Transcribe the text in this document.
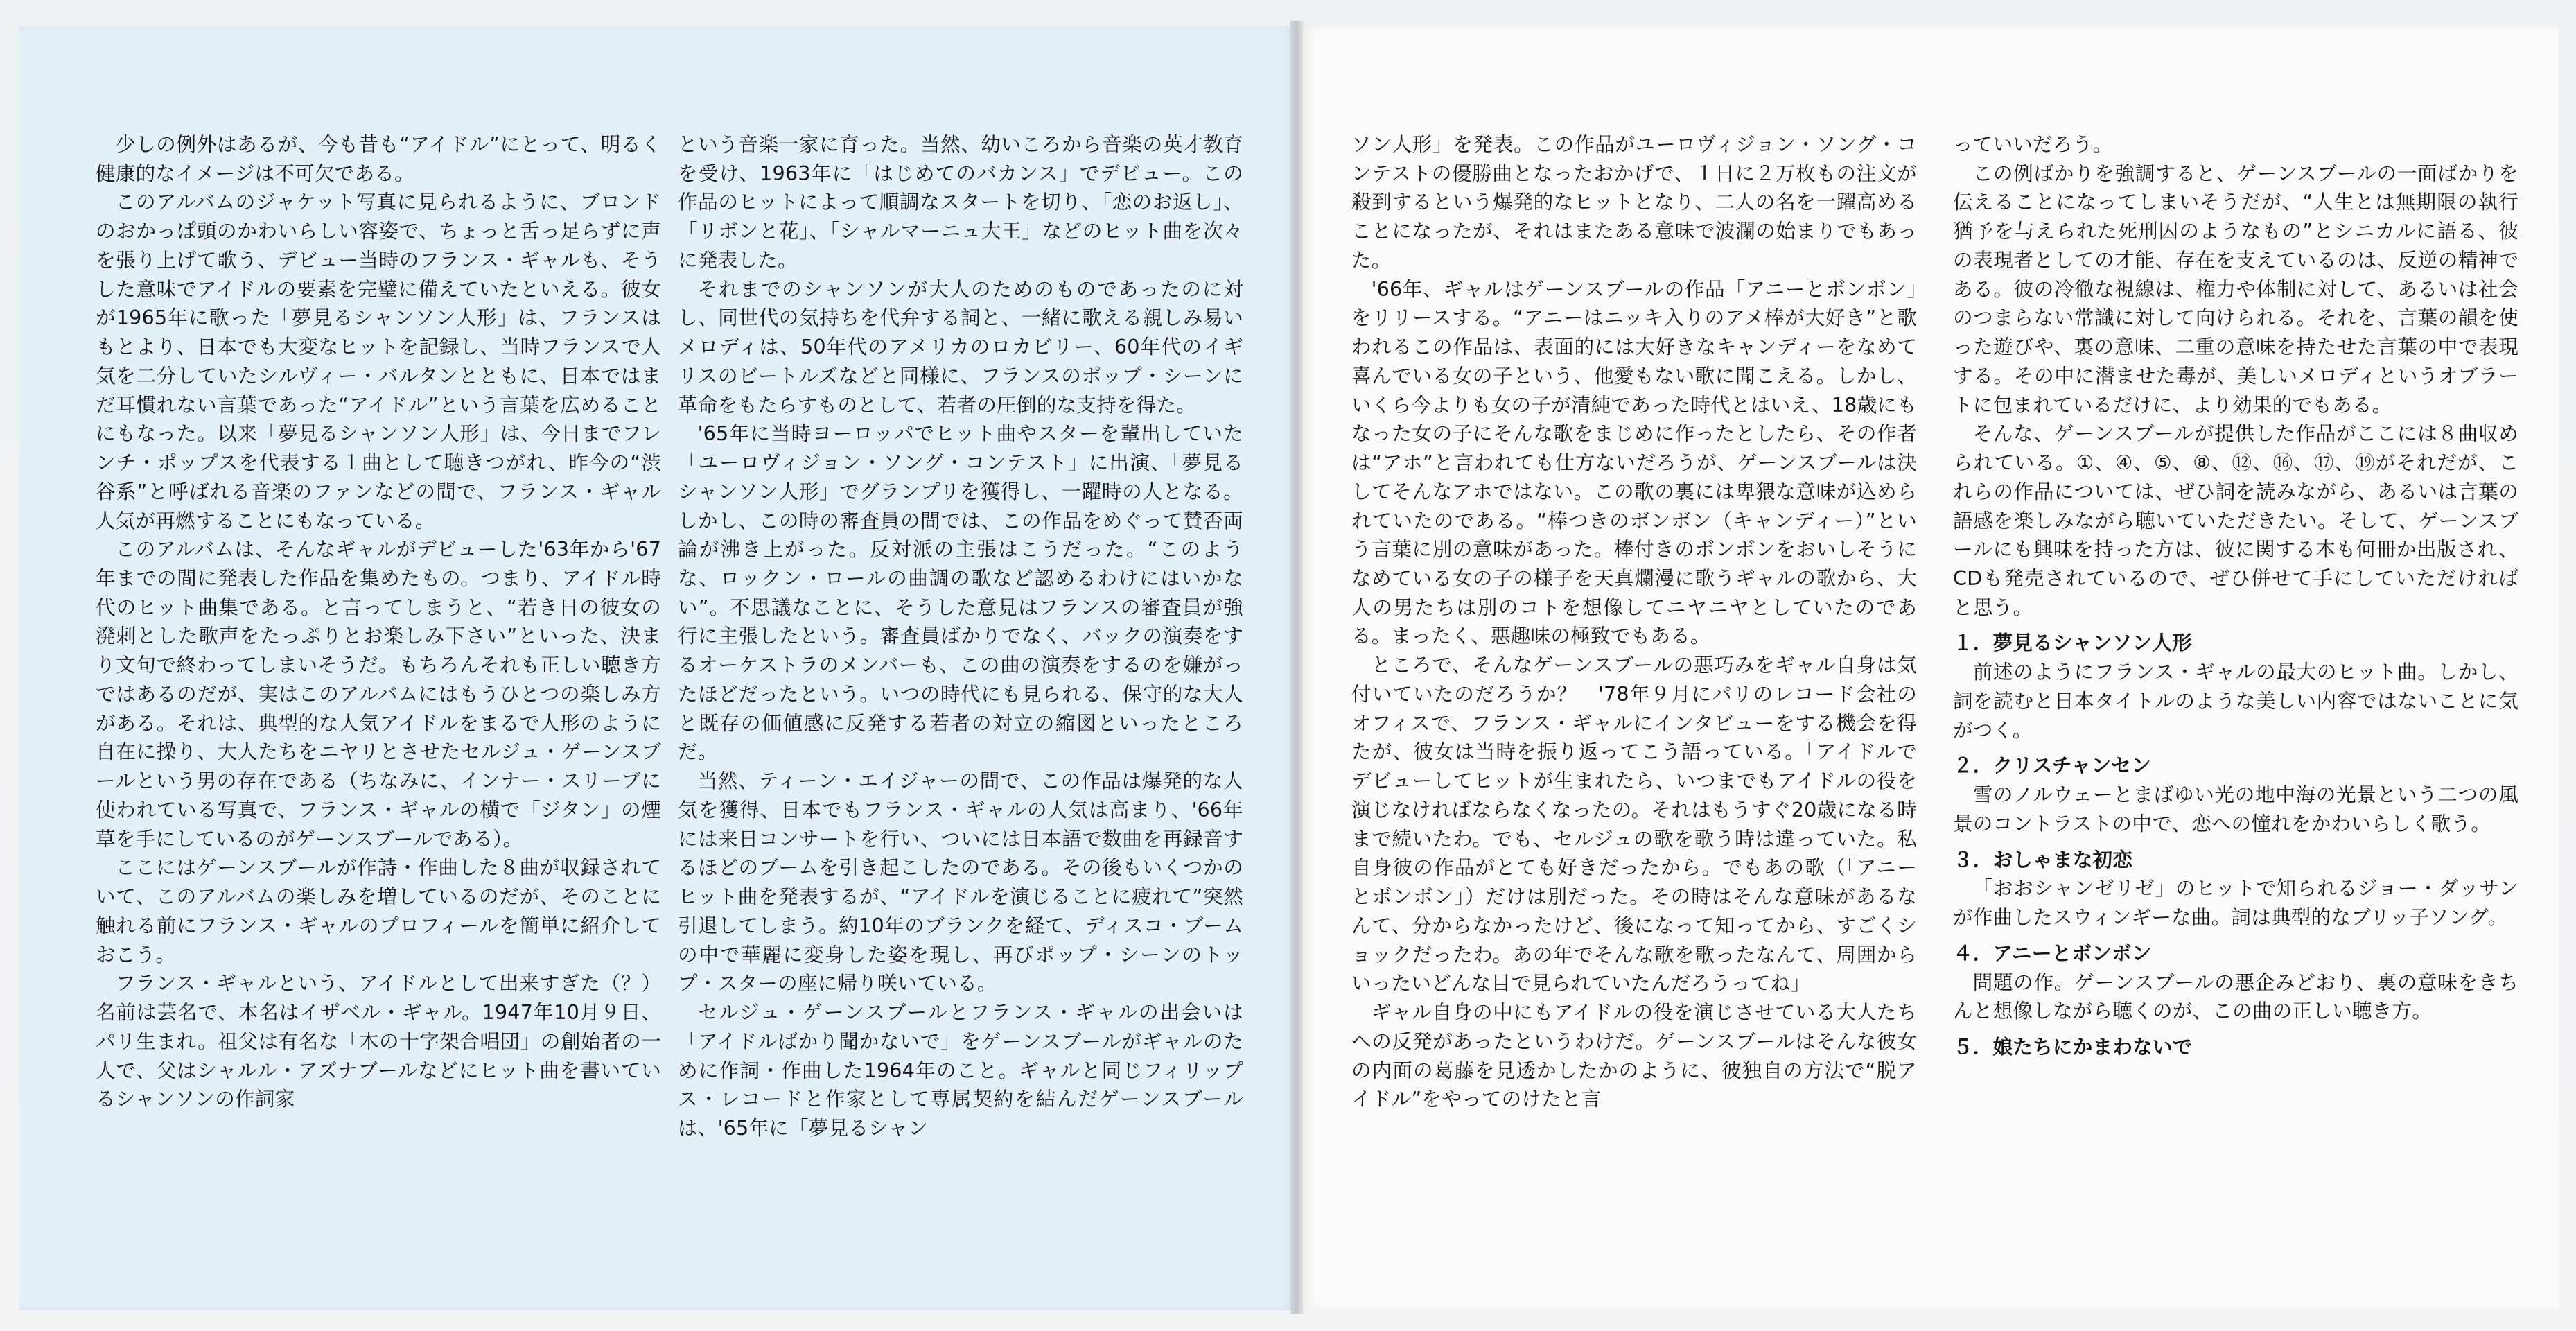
少しの例外はあるが、今も昔も“アイドル”にとって、明るく健康的なイメージは不可欠である。

このアルバムのジャケット写真に見られるように、ブロンドのおかっぱ頭のかわいらしい容姿で、ちょっと舌っ足らずに声を張り上げて歌う、デビュー当時のフランス・ギャルも、そうした意味でアイドルの要素を完璧に備えていたといえる。彼女が1965年に歌った「夢見るシャンソン人形」は、フランスはもとより、日本でも大変なヒットを記録し、当時フランスで人気を二分していたシルヴィー・バルタンとともに、日本ではまだ耳慣れない言葉であった“アイドル”という言葉を広めることにもなった。以来「夢見るシャンソン人形」は、今日までフレンチ・ポップスを代表する１曲として聴きつがれ、昨今の“渋谷系”と呼ばれる音楽のファンなどの間で、フランス・ギャル人気が再燃することにもなっている。

このアルバムは、そんなギャルがデビューした'63年から'67年までの間に発表した作品を集めたもの。つまり、アイドル時代のヒット曲集である。と言ってしまうと、“若き日の彼女の溌剌とした歌声をたっぷりとお楽しみ下さい”といった、決まり文句で終わってしまいそうだ。もちろんそれも正しい聴き方ではあるのだが、実はこのアルバムにはもうひとつの楽しみ方がある。それは、典型的な人気アイドルをまるで人形のように自在に操り、大人たちをニヤリとさせたセルジュ・ゲーンスブールという男の存在である（ちなみに、インナー・スリーブに使われている写真で、フランス・ギャルの横で「ジタン」の煙草を手にしているのがゲーンスブールである）。

ここにはゲーンスブールが作詩・作曲した８曲が収録されていて、このアルバムの楽しみを増しているのだが、そのことに触れる前にフランス・ギャルのプロフィールを簡単に紹介しておこう。

フランス・ギャルという、アイドルとして出来すぎた（？）名前は芸名で、本名はイザベル・ギャル。1947年10月９日、パリ生まれ。祖父は有名な「木の十字架合唱団」の創始者の一人で、父はシャルル・アズナブールなどにヒット曲を書いているシャンソンの作詞家

という音楽一家に育った。当然、幼いころから音楽の英才教育を受け、1963年に「はじめてのバカンス」でデビュー。この作品のヒットによって順調なスタートを切り、「恋のお返し」、「リボンと花」、「シャルマーニュ大王」などのヒット曲を次々に発表した。

それまでのシャンソンが大人のためのものであったのに対し、同世代の気持ちを代弁する詞と、一緒に歌える親しみ易いメロディは、50年代のアメリカのロカビリー、60年代のイギリスのビートルズなどと同様に、フランスのポップ・シーンに革命をもたらすものとして、若者の圧倒的な支持を得た。

'65年に当時ヨーロッパでヒット曲やスターを輩出していた「ユーロヴィジョン・ソング・コンテスト」に出演、「夢見るシャンソン人形」でグランプリを獲得し、一躍時の人となる。しかし、この時の審査員の間では、この作品をめぐって賛否両論が沸き上がった。反対派の主張はこうだった。“このような、ロックン・ロールの曲調の歌など認めるわけにはいかない”。不思議なことに、そうした意見はフランスの審査員が強行に主張したという。審査員ばかりでなく、バックの演奏をするオーケストラのメンバーも、この曲の演奏をするのを嫌がったほどだったという。いつの時代にも見られる、保守的な大人と既存の価値感に反発する若者の対立の縮図といったところだ。

当然、ティーン・エイジャーの間で、この作品は爆発的な人気を獲得、日本でもフランス・ギャルの人気は高まり、'66年には来日コンサートを行い、ついには日本語で数曲を再録音するほどのブームを引き起こしたのである。その後もいくつかのヒット曲を発表するが、“アイドルを演じることに疲れて”突然引退してしまう。約10年のブランクを経て、ディスコ・ブームの中で華麗に変身した姿を現し、再びポップ・シーンのトップ・スターの座に帰り咲いている。

セルジュ・ゲーンスブールとフランス・ギャルの出会いは「アイドルばかり聞かないで」をゲーンスブールがギャルのために作詞・作曲した1964年のこと。ギャルと同じフィリップス・レコードと作家として専属契約を結んだゲーンスブールは、'65年に「夢見るシャン

ソン人形」を発表。この作品がユーロヴィジョン・ソング・コンテストの優勝曲となったおかげで、１日に２万枚もの注文が殺到するという爆発的なヒットとなり、二人の名を一躍高めることになったが、それはまたある意味で波瀾の始まりでもあった。

'66年、ギャルはゲーンスブールの作品「アニーとボンボン」をリリースする。“アニーはニッキ入りのアメ棒が大好き”と歌われるこの作品は、表面的には大好きなキャンディーをなめて喜んでいる女の子という、他愛もない歌に聞こえる。しかし、いくら今よりも女の子が清純であった時代とはいえ、18歳にもなった女の子にそんな歌をまじめに作ったとしたら、その作者は“アホ”と言われても仕方ないだろうが、ゲーンスブールは決してそんなアホではない。この歌の裏には卑猥な意味が込められていたのである。“棒つきのボンボン（キャンディー）”という言葉に別の意味があった。棒付きのボンボンをおいしそうになめている女の子の様子を天真爛漫に歌うギャルの歌から、大人の男たちは別のコトを想像してニヤニヤとしていたのである。まったく、悪趣味の極致でもある。

ところで、そんなゲーンスブールの悪巧みをギャル自身は気付いていたのだろうか？　'78年９月にパリのレコード会社のオフィスで、フランス・ギャルにインタビューをする機会を得たが、彼女は当時を振り返ってこう語っている。「アイドルでデビューしてヒットが生まれたら、いつまでもアイドルの役を演じなければならなくなったの。それはもうすぐ20歳になる時まで続いたわ。でも、セルジュの歌を歌う時は違っていた。私自身彼の作品がとても好きだったから。でもあの歌（「アニーとボンボン」）だけは別だった。その時はそんな意味があるなんて、分からなかったけど、後になって知ってから、すごくショックだったわ。あの年でそんな歌を歌ったなんて、周囲からいったいどんな目で見られていたんだろうってね」

ギャル自身の中にもアイドルの役を演じさせている大人たちへの反発があったというわけだ。ゲーンスブールはそんな彼女の内面の葛藤を見透かしたかのように、彼独自の方法で“脱アイドル”をやってのけたと言

っていいだろう。

この例ばかりを強調すると、ゲーンスブールの一面ばかりを伝えることになってしまいそうだが、“人生とは無期限の執行猶予を与えられた死刑囚のようなもの”とシニカルに語る、彼の表現者としての才能、存在を支えているのは、反逆の精神である。彼の冷徹な視線は、権力や体制に対して、あるいは社会のつまらない常識に対して向けられる。それを、言葉の韻を使った遊びや、裏の意味、二重の意味を持たせた言葉の中で表現する。その中に潜ませた毒が、美しいメロディというオブラートに包まれているだけに、より効果的でもある。

そんな、ゲーンスブールが提供した作品がここには８曲収められている。①、④、⑤、⑧、⑫、⑯、⑰、⑲がそれだが、これらの作品については、ぜひ詞を読みながら、あるいは言葉の語感を楽しみながら聴いていただきたい。そして、ゲーンスブールにも興味を持った方は、彼に関する本も何冊か出版され、CDも発売されているので、ぜひ併せて手にしていただければと思う。

１．夢見るシャンソン人形

前述のようにフランス・ギャルの最大のヒット曲。しかし、詞を読むと日本タイトルのような美しい内容ではないことに気がつく。

２．クリスチャンセン

雪のノルウェーとまばゆい光の地中海の光景という二つの風景のコントラストの中で、恋への憧れをかわいらしく歌う。

３．おしゃまな初恋

「おおシャンゼリゼ」のヒットで知られるジョー・ダッサンが作曲したスウィンギーな曲。詞は典型的なブリッ子ソング。

４．アニーとボンボン

問題の作。ゲーンスブールの悪企みどおり、裏の意味をきちんと想像しながら聴くのが、この曲の正しい聴き方。

５．娘たちにかまわないで
